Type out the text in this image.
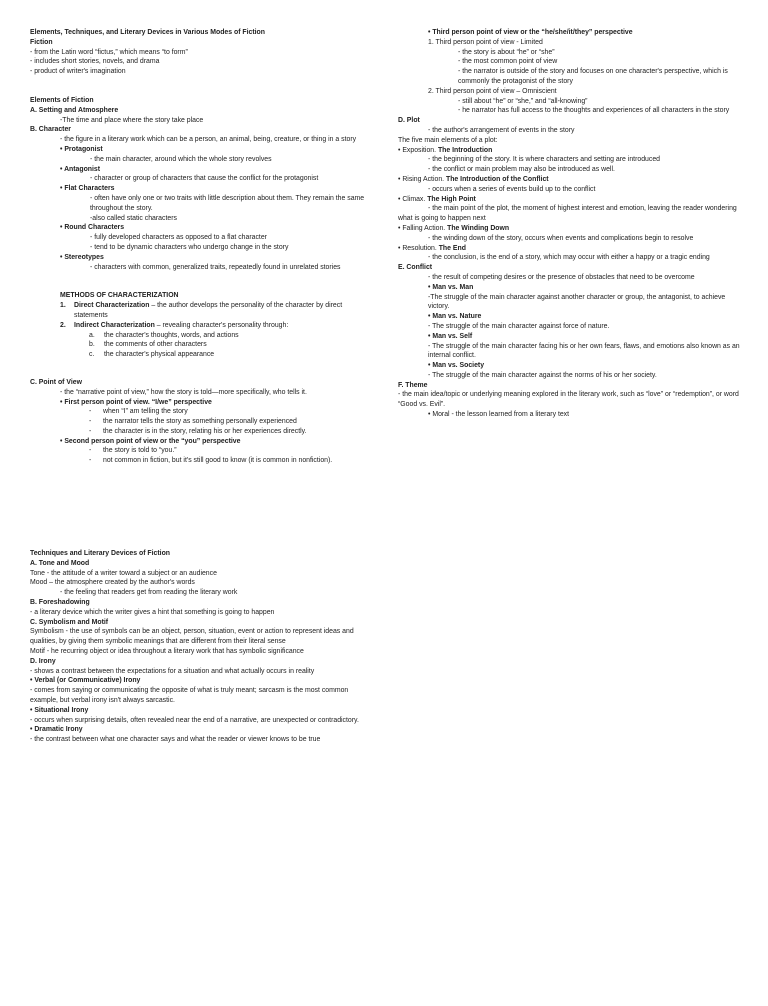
Elements, Techniques, and Literary Devices in Various Modes of Fiction
Fiction
- from the Latin word “fictus,” which means “to form”
- includes short stories, novels, and drama
- product of writer's imagination
Elements of Fiction
A. Setting and Atmosphere
-The time and place where the story take place
B. Character
- the figure in a literary work which can be a person, an animal, being, creature, or thing in a story
• Protagonist
- the main character, around which the whole story revolves
• Antagonist
- character or group of characters that cause the conflict for the protagonist
• Flat Characters
- often have only one or two traits with little description about them. They remain the same throughout the story.
-also called static characters
• Round Characters
- fully developed characters as opposed to a flat character
- tend to be dynamic characters who undergo change in the story
• Stereotypes
- characters with common, generalized traits, repeatedly found in unrelated stories
METHODS OF CHARACTERIZATION
1.	Direct Characterization – the author develops the personality of the character by direct statements
2.	Indirect Characterization – revealing character's personality through:
a.	the character's thoughts, words, and actions
b.	the comments of other characters
c.	the character's physical appearance
C. Point of View
- the “narrative point of view,” how the story is told—more specifically, who tells it.
• First person point of view. “I/we” perspective
-	when “I” am telling the story
-	the narrator tells the story as something personally experienced
-	the character is in the story, relating his or her experiences directly.
• Second person point of view or the “you” perspective
-	the story is told to “you.”
-	not common in fiction, but it's still good to know (it is common in nonfiction).
• Third person point of view or the “he/she/it/they” perspective
1. Third person point of view - Limited
- the story is about “he” or “she”
- the most common point of view
- the narrator is outside of the story and focuses on one character's perspective, which is commonly the protagonist of the story
2. Third person point of view – Omniscient
- still about “he” or “she,” and “all-knowing”
- he narrator has full access to the thoughts and experiences of all characters in the story
D. Plot
- the author's arrangement of events in the story
The five main elements of a plot:
• Exposition. The Introduction
- the beginning of the story. It is where characters and setting are introduced
- the conflict or main problem may also be introduced as well.
• Rising Action. The Introduction of the Conflict
- occurs when a series of events build up to the conflict
• Climax. The High Point
- the main point of the plot, the moment of highest interest and emotion, leaving the reader wondering what is going to happen next
• Falling Action. The Winding Down
- the winding down of the story, occurs when events and complications begin to resolve
• Resolution. The End
- the conclusion, is the end of a story, which may occur with either a happy or a tragic ending
E. Conflict
- the result of competing desires or the presence of obstacles that need to be overcome
• Man vs. Man
-The struggle of the main character against another character or group, the antagonist, to achieve victory.
• Man vs. Nature
- The struggle of the main character against force of nature.
• Man vs. Self
- The struggle of the main character facing his or her own fears, flaws, and emotions also known as an internal conflict.
• Man vs. Society
- The struggle of the main character against the norms of his or her society.
F. Theme
- the main idea/topic or underlying meaning explored in the literary work, such as “love” or “redemption”, or word “Good vs. Evil”.
• Moral - the lesson learned from a literary text
Techniques and Literary Devices of Fiction
A. Tone and Mood
Tone - the attitude of a writer toward a subject or an audience
Mood – the atmosphere created by the author's words
- the feeling that readers get from reading the literary work
B. Foreshadowing
- a literary device which the writer gives a hint that something is going to happen
C. Symbolism and Motif
Symbolism - the use of symbols can be an object, person, situation, event or action to represent ideas and qualities, by giving them symbolic meanings that are different from their literal sense
Motif - he recurring object or idea throughout a literary work that has symbolic significance
D. Irony
- shows a contrast between the expectations for a situation and what actually occurs in reality
• Verbal (or Communicative) Irony
- comes from saying or communicating the opposite of what is truly meant; sarcasm is the most common example, but verbal irony isn't always sarcastic.
• Situational Irony
- occurs when surprising details, often revealed near the end of a narrative, are unexpected or contradictory.
• Dramatic Irony
- the contrast between what one character says and what the reader or viewer knows to be true
